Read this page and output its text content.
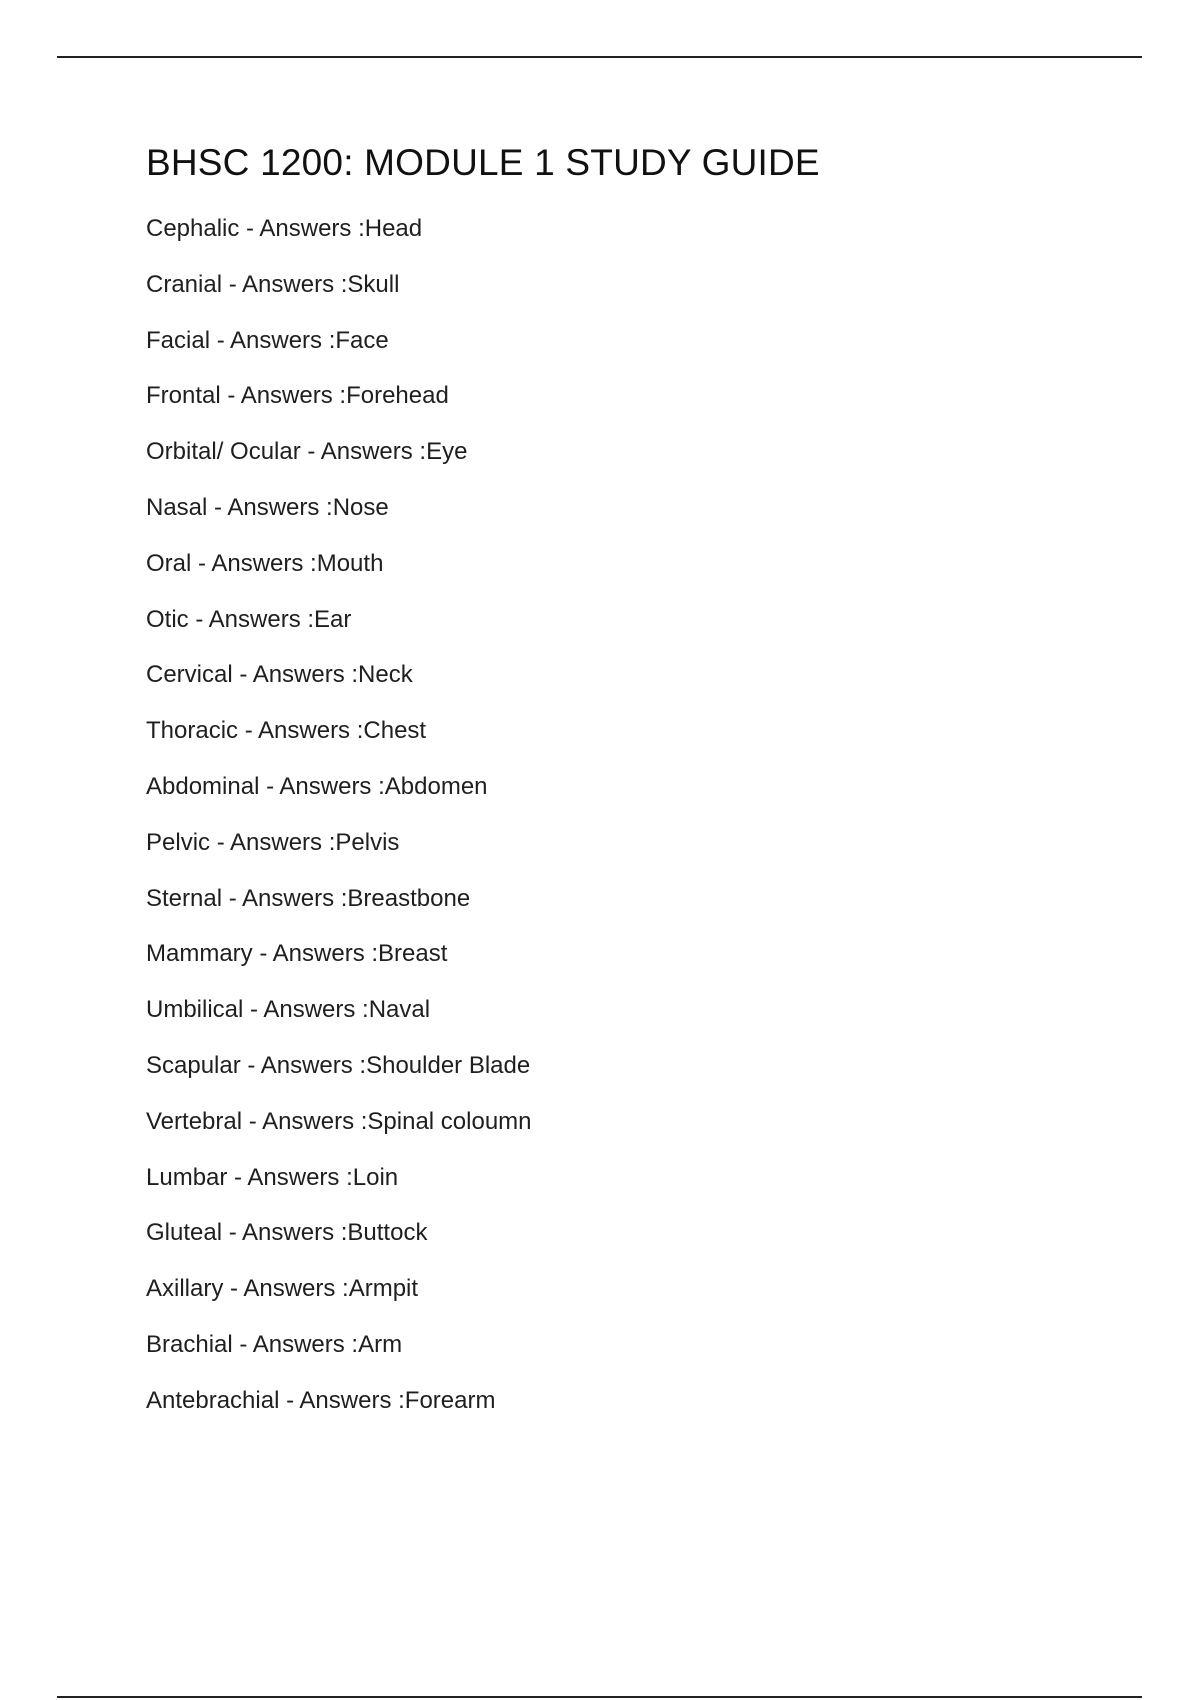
BHSC 1200: MODULE 1 STUDY GUIDE
Cephalic - Answers :Head
Cranial - Answers :Skull
Facial - Answers :Face
Frontal - Answers :Forehead
Orbital/ Ocular - Answers :Eye
Nasal - Answers :Nose
Oral - Answers :Mouth
Otic - Answers :Ear
Cervical - Answers :Neck
Thoracic - Answers :Chest
Abdominal - Answers :Abdomen
Pelvic - Answers :Pelvis
Sternal - Answers :Breastbone
Mammary - Answers :Breast
Umbilical - Answers :Naval
Scapular - Answers :Shoulder Blade
Vertebral - Answers :Spinal coloumn
Lumbar - Answers :Loin
Gluteal - Answers :Buttock
Axillary - Answers :Armpit
Brachial - Answers :Arm
Antebrachial - Answers :Forearm
